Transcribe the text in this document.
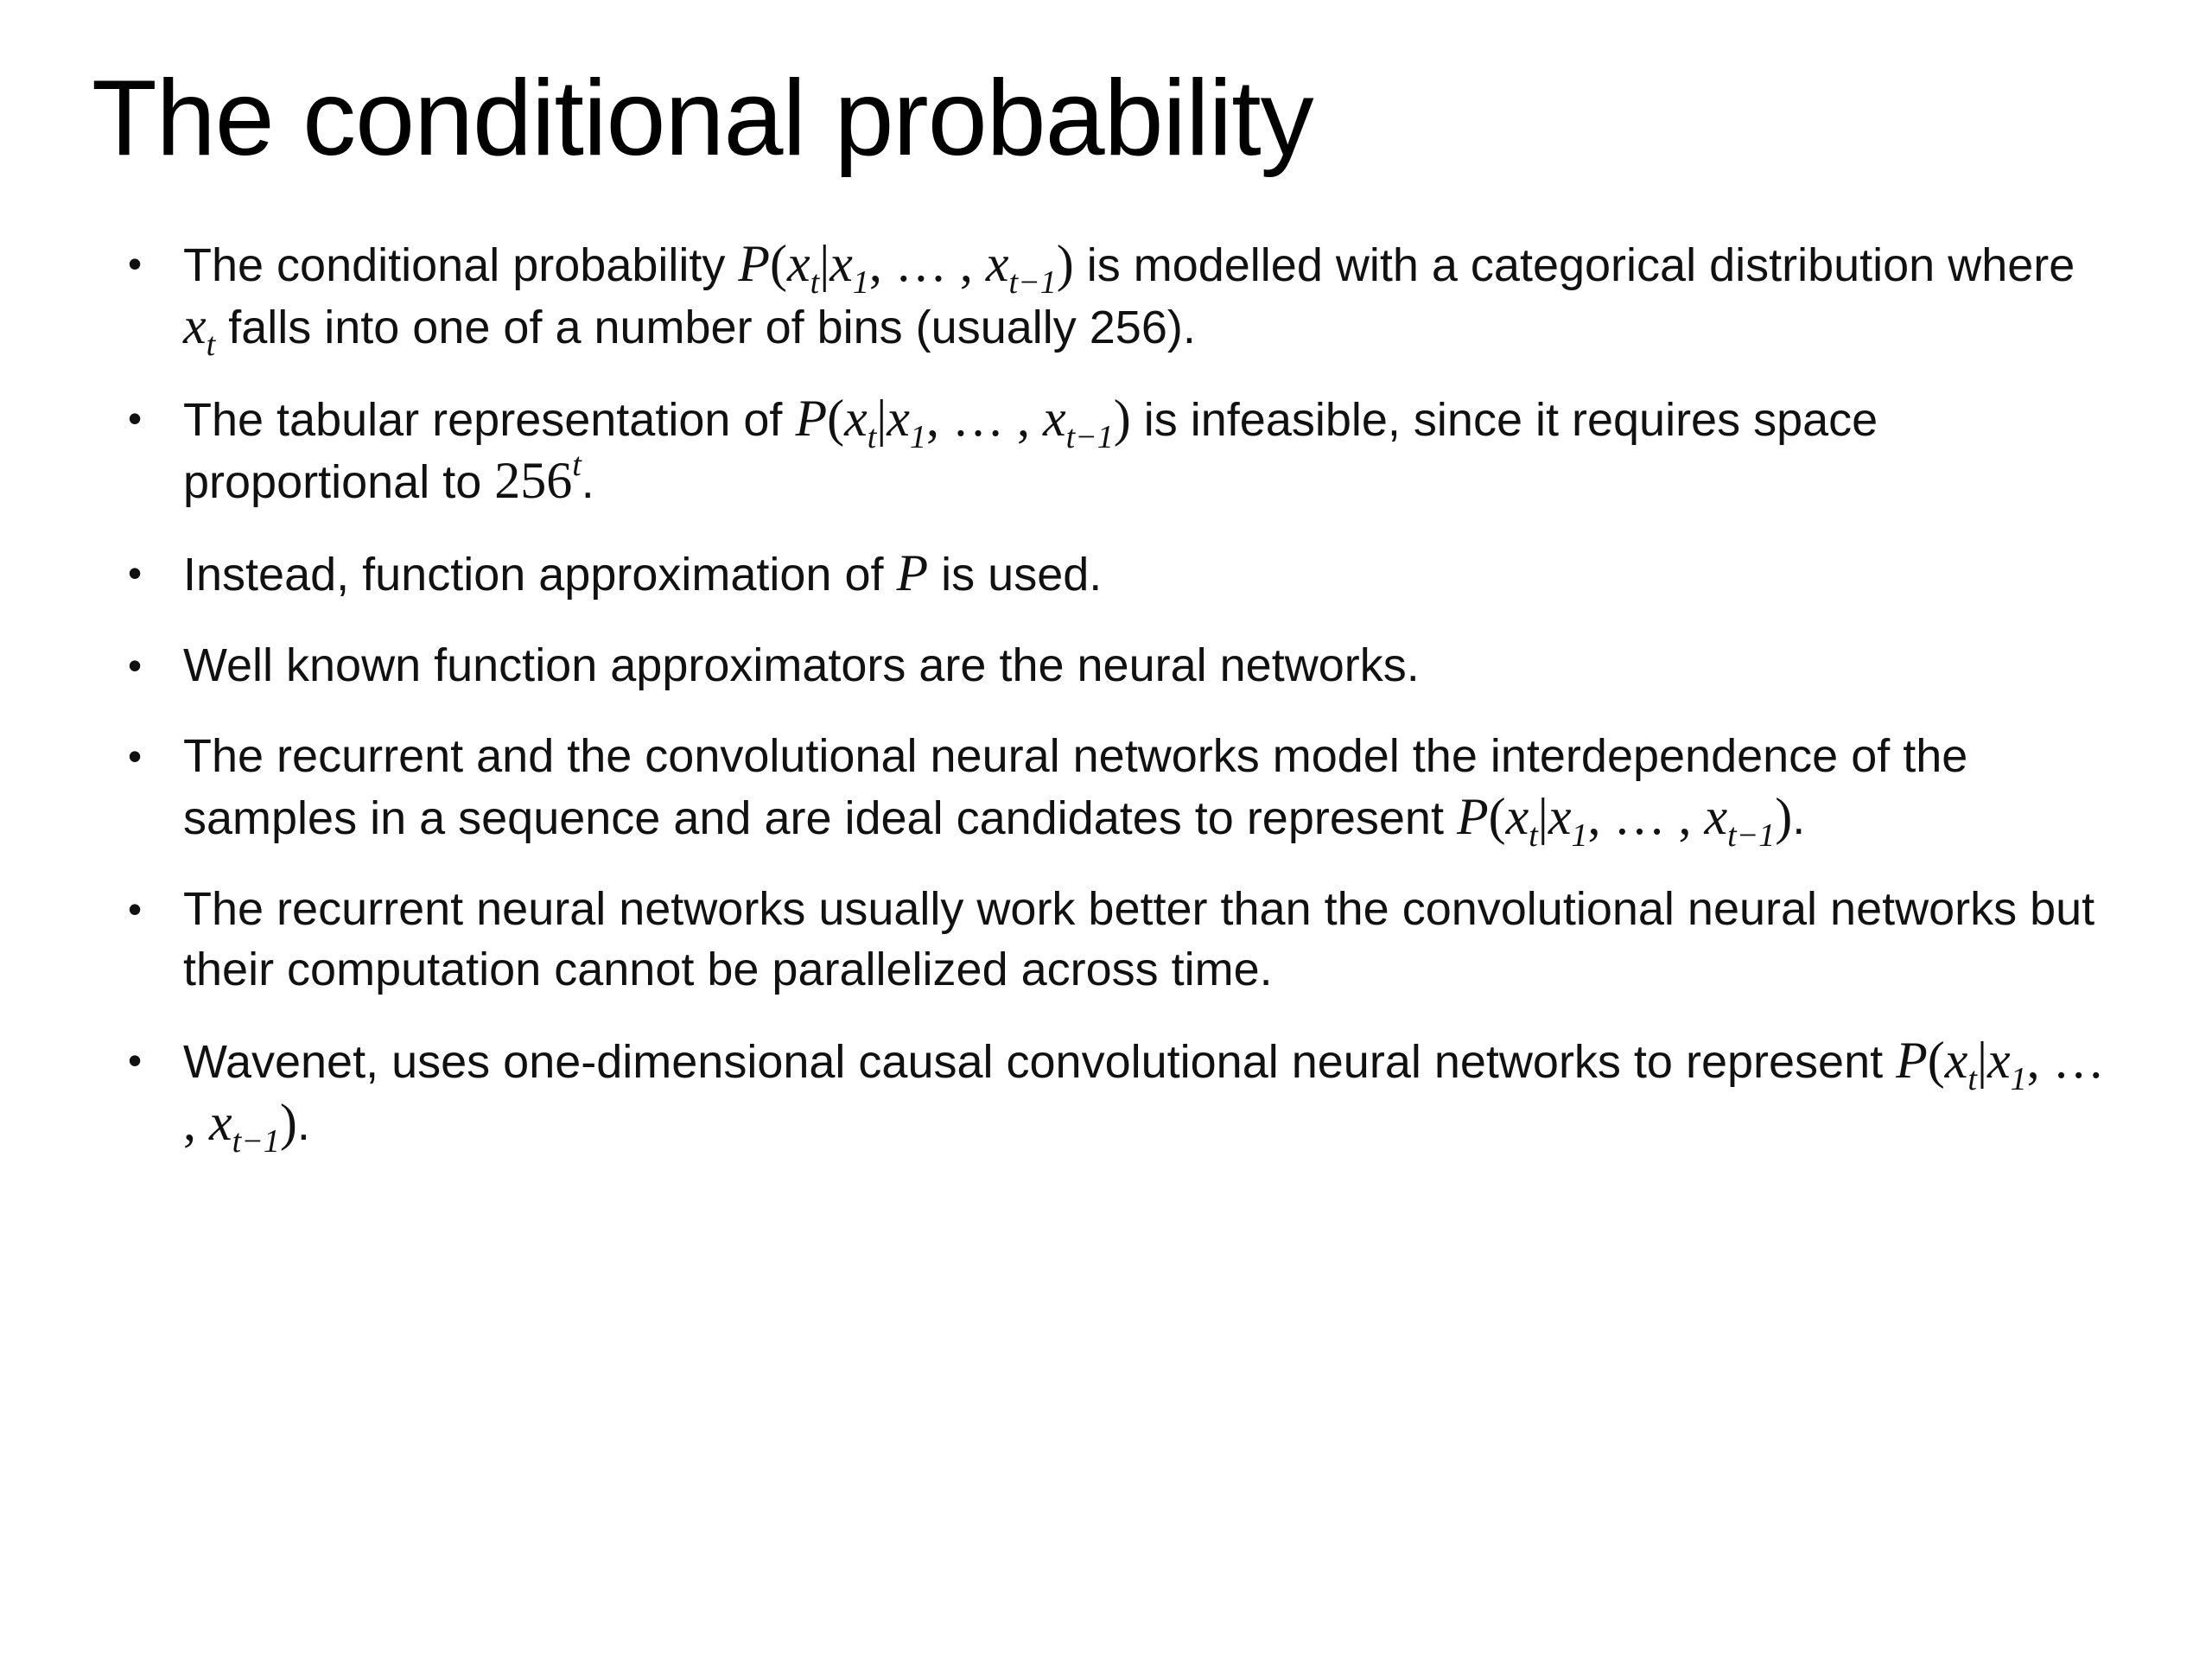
The conditional probability
• The conditional probability $P(x_t|x_1$, … , $x_{t-1}$) is modelled with a categorical distribution where $x_t$ falls into one of a number of bins (usually 256).
• The tabular representation of $P(x_t|x_1$, … , $x_{t-1}$) is infeasible, since it requires space proportional to 256$^t$.
• Instead, function approximation of P is used.
• Well known function approximators are the neural networks.
• The recurrent and the convolutional neural networks model the interdependence of the samples in a sequence and are ideal candidates to represent $P(x_t|x_1$, … , $x_{t-1}$).
• The recurrent neural networks usually work better than the convolutional neural networks but their computation cannot be parallelized across time.
• Wavenet, uses one-dimensional causal convolutional neural networks to represent $P(x_t|x_1$, … , $x_{t-1}$).
